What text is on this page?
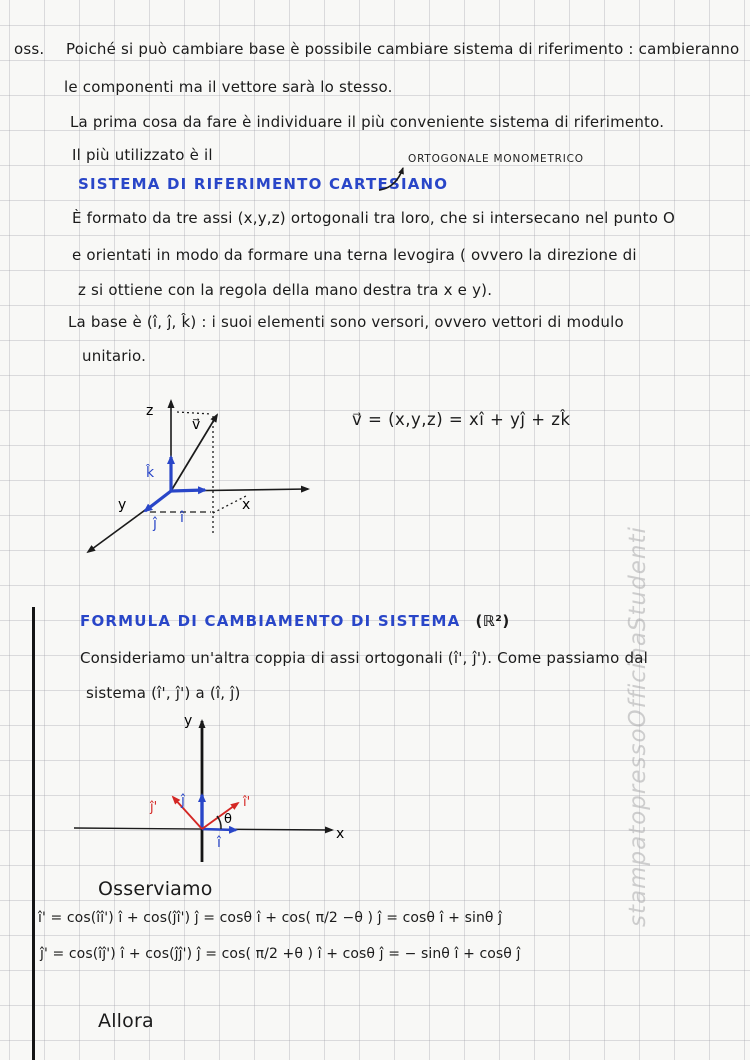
stampatopressoOfficinaStudenti
oss. Poiché si può cambiare base è possibile cambiare sistema di riferimento : cambieranno
le componenti ma il vettore sarà lo stesso.
La prima cosa da fare è individuare il più conveniente sistema di riferimento.
Il più utilizzato è il	ORTOGONALE MONOMETRICO
SISTEMA DI RIFERIMENTO CARTESIANO
È formato da tre assi (x,y,z) ortogonali tra loro, che si intersecano nel punto O
e orientati in modo da formare una terna levogira ( ovvero la direzione di
z si ottiene con la regola della mano destra tra x e y).
La base è (î, ĵ, k̂) : i suoi elementi sono versori, ovvero vettori di modulo
unitario.
z
v⃗
k̂
y	x
ĵ î
v⃗ = (x,y,z) = xî + yĵ + zk̂
FORMULA DI CAMBIAMENTO DI SISTEMA (ℝ²)
Consideriamo un'altra coppia di assi ortogonali (î', ĵ'). Come passiamo dal
sistema (î', ĵ') a (î, ĵ)
y
x
ĵ
î
î'
ĵ'
θ
Osserviamo
î' = cos(îî') î + cos(ĵî') ĵ = cosθ î + cos( π/2 −θ ) ĵ = cosθ î + sinθ ĵ
ĵ' = cos(îĵ') î + cos(ĵĵ') ĵ = cos( π/2 +θ ) î + cosθ ĵ = − sinθ î + cosθ ĵ
Allora
